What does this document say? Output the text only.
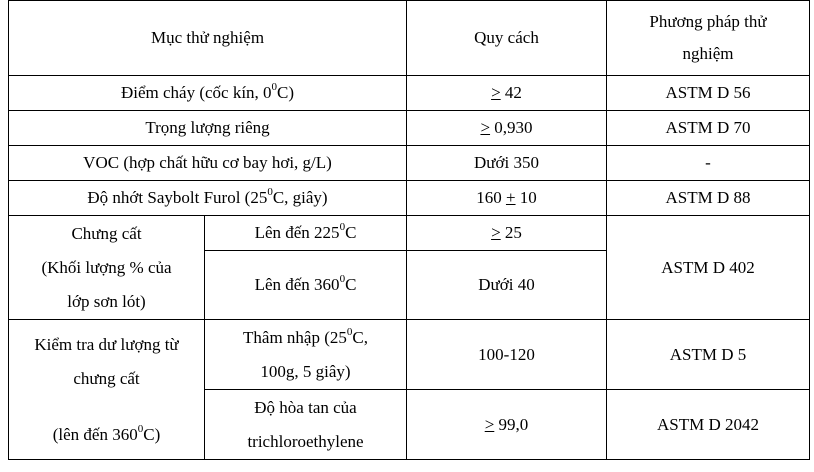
Mục thử nghiệm		Quy cách	Phương pháp thử
nghiệm

Điểm cháy (cốc kín, $0^0C$)		> 42	ASTM D 56
Trọng lượng riêng		> 0,930	ASTM D 70
VOC (hợp chất hữu cơ bay hơi, g/L)		Dưới 350	-
Độ nhớt Saybolt Furol ($25^0C$, giây)		160 + 10	ASTM D 88

Chưng cất
(Khối lượng % của
lớp sơn lót)	Lên đến $225^0C$	> 25	ASTM D 402
	Lên đến $360^0C$	Dưới 40	

Kiểm tra dư lượng từ
chưng cất
(lên đến $360^0C$)	Thâm nhập ($25^0C$,
100g, 5 giây)	100-120	ASTM D 5

	Độ hòa tan của
trichloroethylene	> 99,0	ASTM D 2042
